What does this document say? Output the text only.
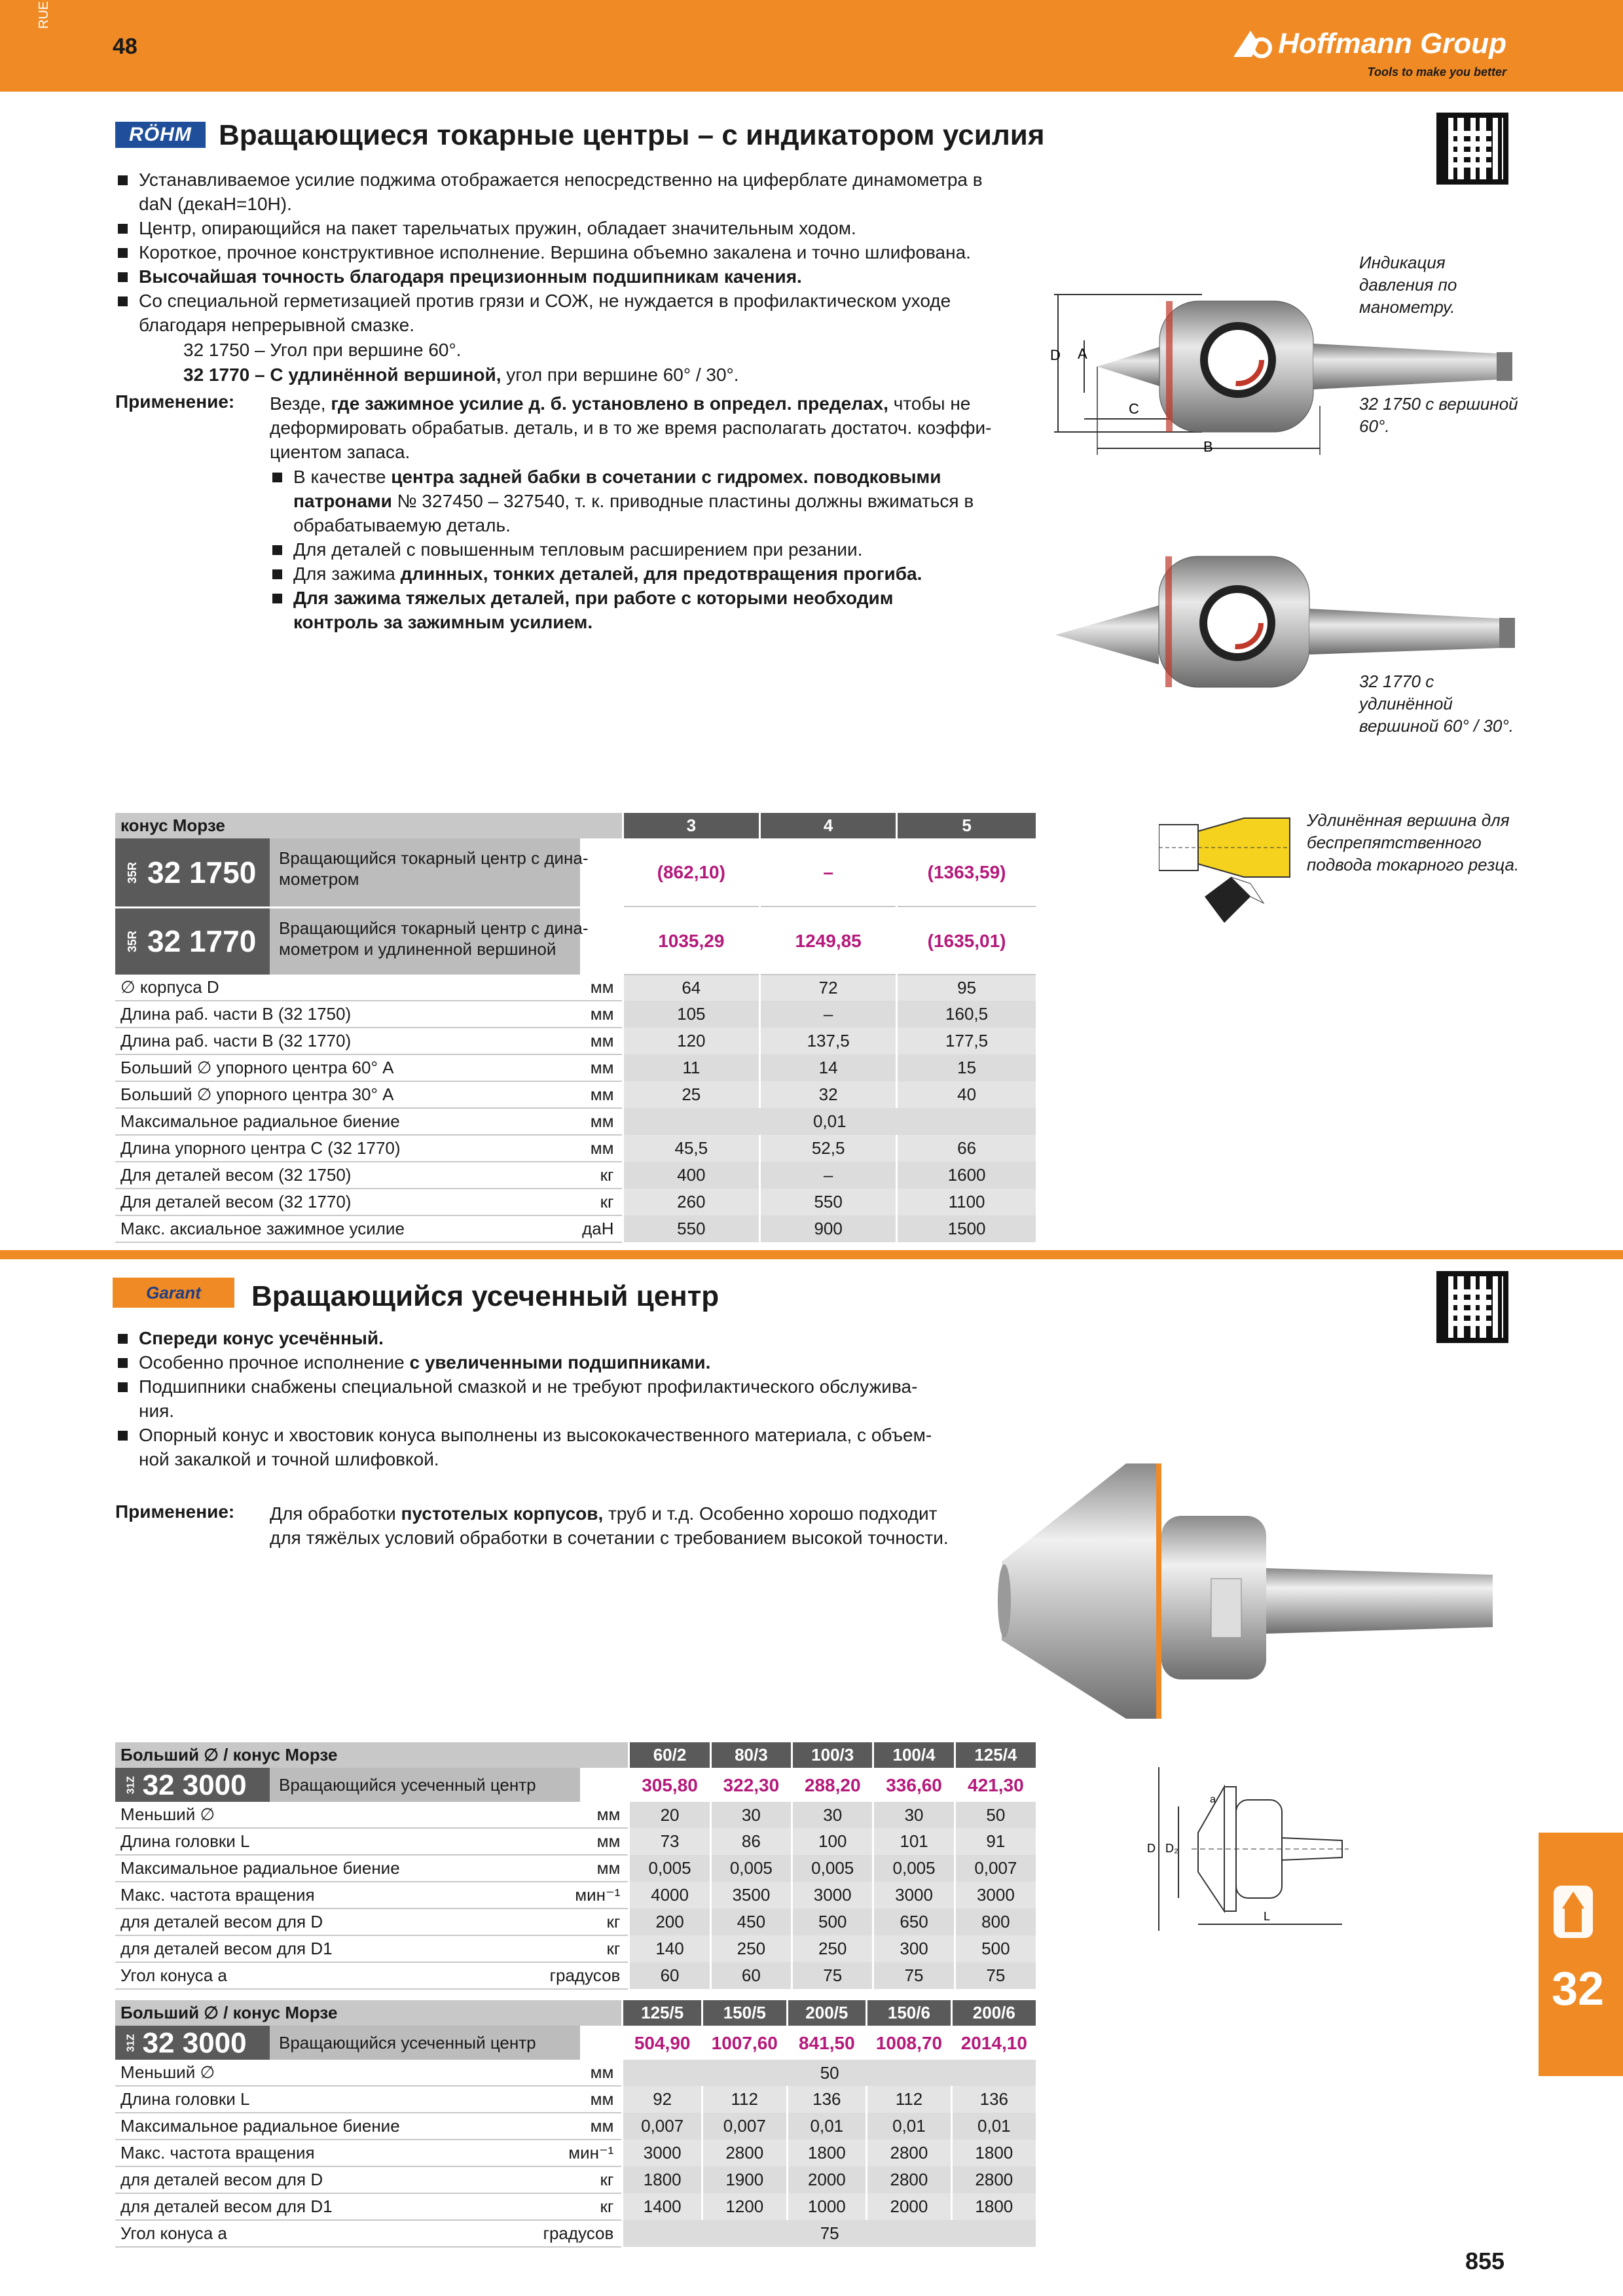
RUE
48	Hoffmann Group
Tools to make you better
RÖHM Вращающиеся токарные центры – с индикатором усилия
Устанавливаемое усилие поджима отображается непосредственно на циферблате динамометра в
daN (декаН=10Н).
Центр, опирающийся на пакет тарельчатых пружин, обладает значительным ходом.
Короткое, прочное конструктивное исполнение. Вершина объемно закалена и точно шлифована.
Высочайшая точность благодаря прецизионным подшипникам качения.
Со специальной герметизацией против грязи и СОЖ, не нуждается в профилактическом уходе
благодаря непрерывной смазке.
32 1750 – Угол при вершине 60°.
32 1770 – С удлинённой вершиной, угол при вершине 60° / 30°.
Применение: Везде, где зажимное усилие д. б. установлено в определ. пределах, чтобы не
деформировать обрабатыв. деталь, и в то же время располагать достаточ. коэффи-
циентом запаса.
В качестве центра задней бабки в сочетании с гидромех. поводковыми
патронами № 327450 – 327540, т. к. приводные пластины должны вжиматься в
обрабатываемую деталь.
Для деталей с повышенным тепловым расширением при резании.
Для зажима длинных, тонких деталей, для предотвращения прогиба.
Для зажима тяжелых деталей, при работе с которыми необходим
контроль за зажимным усилием.
D A
C
B
Индикация
давления по
манометру.
32 1750 с вершиной
60°.
32 1770 с
удлинённой
вершиной 60° / 30°.
Удлинённая вершина для
беспрепятственного
подвода токарного резца.
конус Морзе		3	4	5

35R 32 1750 Вращающийся токарный центр с дина-
мометром		(862,10)	–	(1363,59)

35R 32 1770 Вращающийся токарный центр с дина-
мометром и удлиненной вершиной		1035,29	1249,85	(1635,01)
∅ корпуса D	мм	64	72	95
Длина раб. части B (32 1750)	мм	105	–	160,5
Длина раб. части B (32 1770)	мм	120	137,5	177,5
Больший ∅ упорного центра 60° A	мм	11	14	15
Больший ∅ упорного центра 30° A	мм	25	32	40
Максимальное радиальное биение	мм	0,01		
Длина упорного центра C (32 1770)	мм	45,5	52,5	66
Для деталей весом (32 1750)	кг	400	–	1600
Для деталей весом (32 1770)	кг	260	550	1100
Макс. аксиальное зажимное усилие	даН	550	900	1500
Garant	Вращающийся усеченный центр
Спереди конус усечённый.
Особенно прочное исполнение с увеличенными подшипниками.
Подшипники снабжены специальной смазкой и не требуют профилактического обслужива-
ния.
Опорный конус и хвостовик конуса выполнены из высококачественного материала, с объем-
ной закалкой и точной шлифовкой.
Применение: Для обработки пустотелых корпусов, труб и т.д. Особенно хорошо подходит
для тяжёлых условий обработки в сочетании с требованием высокой точности.
Больший ∅ / конус Морзе		60/2	80/3	100/3	100/4	125/4

31Z 32 3000 Вращающийся усеченный центр		305,80	322,30	288,20	336,60	421,30
Меньший ∅	мм	20	30	30	30	50
Длина головки L	мм	73	86	100	101	91
Максимальное радиальное биение	мм	0,005	0,005	0,005	0,005	0,007
Макс. частота вращения	мин⁻¹	4000	3500	3000	3000	3000
для деталей весом для D	кг	200	450	500	650	800
для деталей весом для D1	кг	140	250	250	300	500
Угол конуса a	градусов	60	60	75	75	75
Больший ∅ / конус Морзе		125/5	150/5	200/5	150/6	200/6

31Z 32 3000 Вращающийся усеченный центр		504,90	1007,60	841,50	1008,70	2014,10
Меньший ∅	мм	50				
Длина головки L	мм	92	112	136	112	136
Максимальное радиальное биение	мм	0,007	0,007	0,01	0,01	0,01
Макс. частота вращения	мин⁻¹	3000	2800	1800	2800	1800
для деталей весом для D	кг	1800	1900	2000	2800	2800
для деталей весом для D1	кг	1400	1200	1000	2000	1800
Угол конуса a	градусов	75				
D D₂
a
L
32
855
